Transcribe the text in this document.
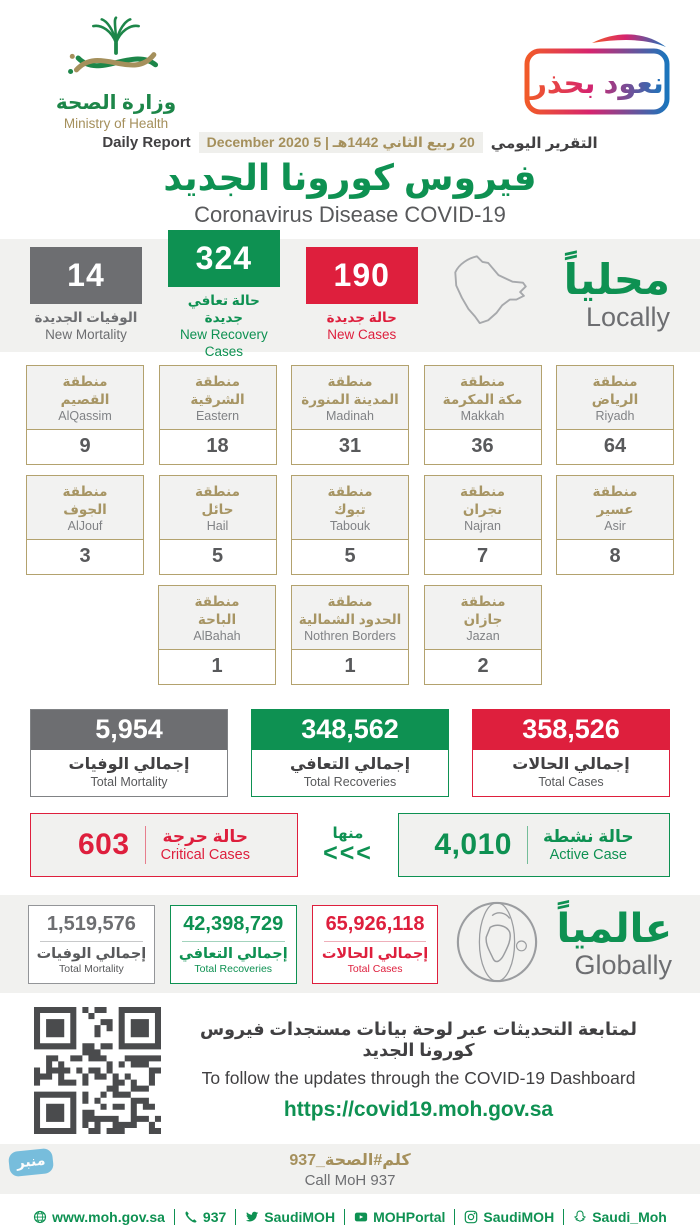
وزارة الصحة
Ministry of Health
نعود بحذر
Daily Report	20 ربيع الثاني 1442هـ | 5 December 2020	التقرير اليومي
فيروس كورونا الجديد
Coronavirus Disease COVID-19
14
الوفيات الجديدة
New Mortality
324
حالة تعافي جديدة
New Recovery Cases
190
حالة جديدة
New Cases
محلياً
Locally
منطقة
القصيم
AlQassim
9
منطقة
الشرقية
Eastern
18
منطقة
المدينة المنورة
Madinah
31
منطقة
مكة المكرمة
Makkah
36
منطقة
الرياض
Riyadh
64
منطقة
الجوف
AlJouf
3
منطقة
حائل
Hail
5
منطقة
تبوك
Tabouk
5
منطقة
نجران
Najran
7
منطقة
عسير
Asir
8
منطقة
الباحة
AlBahah
1
منطقة
الحدود الشمالية
Nothren Borders
1
منطقة
جازان
Jazan
2
5,954
إجمالي الوفيات
Total Mortality
348,562
إجمالي التعافي
Total Recoveries
358,526
إجمالي الحالات
Total Cases
603 حالة حرجة
Critical Cases
منها
<<< 4,010 حالة نشطة
Active Case
1,519,576
إجمالي الوفيات
Total Mortality
42,398,729
إجمالي التعافي
Total Recoveries
65,926,118
إجمالي الحالات
Total Cases
عالمياً
Globally
لمتابعة التحديثات عبر لوحة بيانات مستجدات فيروس كورونا الجديد
To follow the updates through the COVID-19 Dashboard
https://covid19.moh.gov.sa
كلم#الصحة_937
Call MoH 937
www.moh.gov.sa	937	SaudiMOH	MOHPortal	SaudiMOH	Saudi_Moh
منبر
